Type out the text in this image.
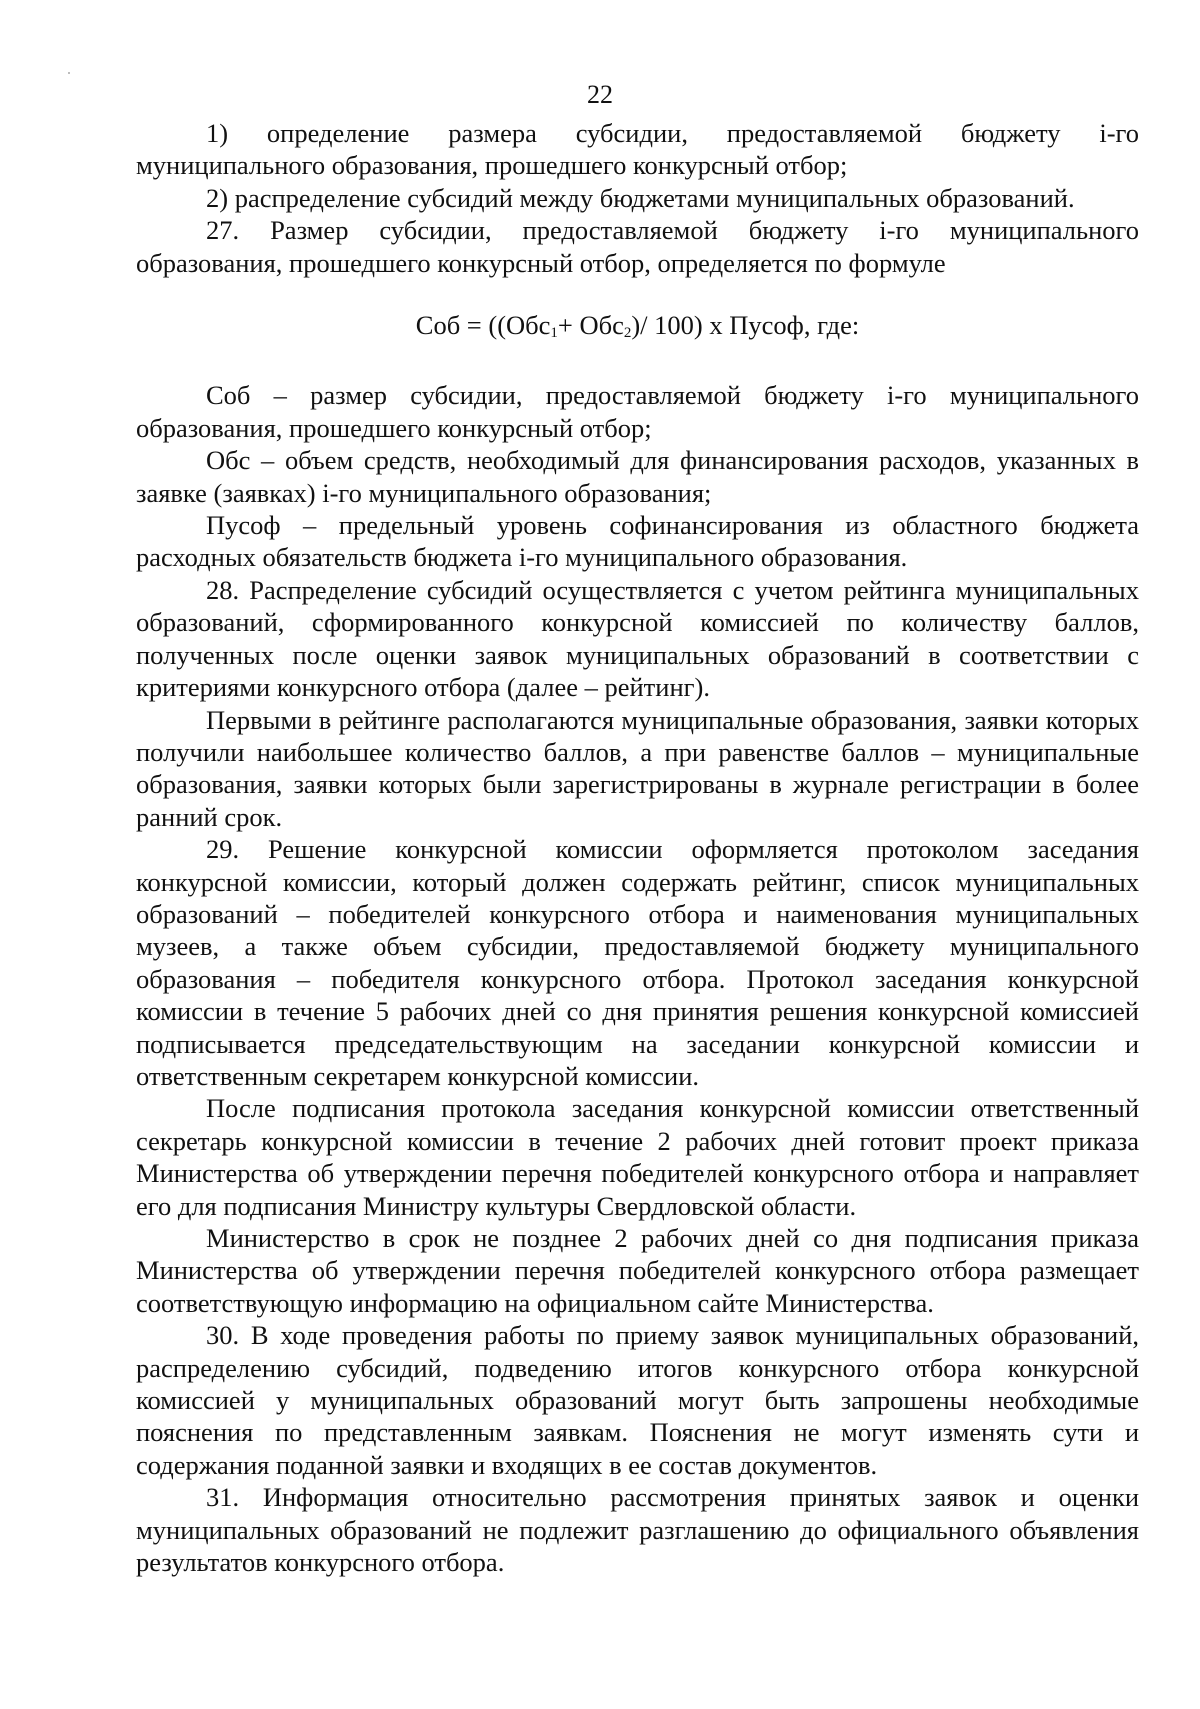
22

1) определение размера субсидии, предоставляемой бюджету i-го муниципального образования, прошедшего конкурсный отбор;

2) распределение субсидий между бюджетами муниципальных образований.

27. Размер субсидии, предоставляемой бюджету i-го муниципального образования, прошедшего конкурсный отбор, определяется по формуле

Соб = ((Обс$_1$+ Обс$_2$)/ 100) х Пусоф, где:

Соб – размер субсидии, предоставляемой бюджету i-го муниципального образования, прошедшего конкурсный отбор;

Обс – объем средств, необходимый для финансирования расходов, указанных в заявке (заявках) i-го муниципального образования;

Пусоф – предельный уровень софинансирования из областного бюджета расходных обязательств бюджета i-го муниципального образования.

28. Распределение субсидий осуществляется с учетом рейтинга муниципальных образований, сформированного конкурсной комиссией по количеству баллов, полученных после оценки заявок муниципальных образований в соответствии с критериями конкурсного отбора (далее – рейтинг).

Первыми в рейтинге располагаются муниципальные образования, заявки которых получили наибольшее количество баллов, а при равенстве баллов – муниципальные образования, заявки которых были зарегистрированы в журнале регистрации в более ранний срок.

29. Решение конкурсной комиссии оформляется протоколом заседания конкурсной комиссии, который должен содержать рейтинг, список муниципальных образований – победителей конкурсного отбора и наименования муниципальных музеев, а также объем субсидии, предоставляемой бюджету муниципального образования – победителя конкурсного отбора. Протокол заседания конкурсной комиссии в течение 5 рабочих дней со дня принятия решения конкурсной комиссией подписывается председательствующим на заседании конкурсной комиссии и ответственным секретарем конкурсной комиссии.

После подписания протокола заседания конкурсной комиссии ответственный секретарь конкурсной комиссии в течение 2 рабочих дней готовит проект приказа Министерства об утверждении перечня победителей конкурсного отбора и направляет его для подписания Министру культуры Свердловской области.

Министерство в срок не позднее 2 рабочих дней со дня подписания приказа Министерства об утверждении перечня победителей конкурсного отбора размещает соответствующую информацию на официальном сайте Министерства.

30. В ходе проведения работы по приему заявок муниципальных образований, распределению субсидий, подведению итогов конкурсного отбора конкурсной комиссией у муниципальных образований могут быть запрошены необходимые пояснения по представленным заявкам. Пояснения не могут изменять сути и содержания поданной заявки и входящих в ее состав документов.

31. Информация относительно рассмотрения принятых заявок и оценки муниципальных образований не подлежит разглашению до официального объявления результатов конкурсного отбора.
